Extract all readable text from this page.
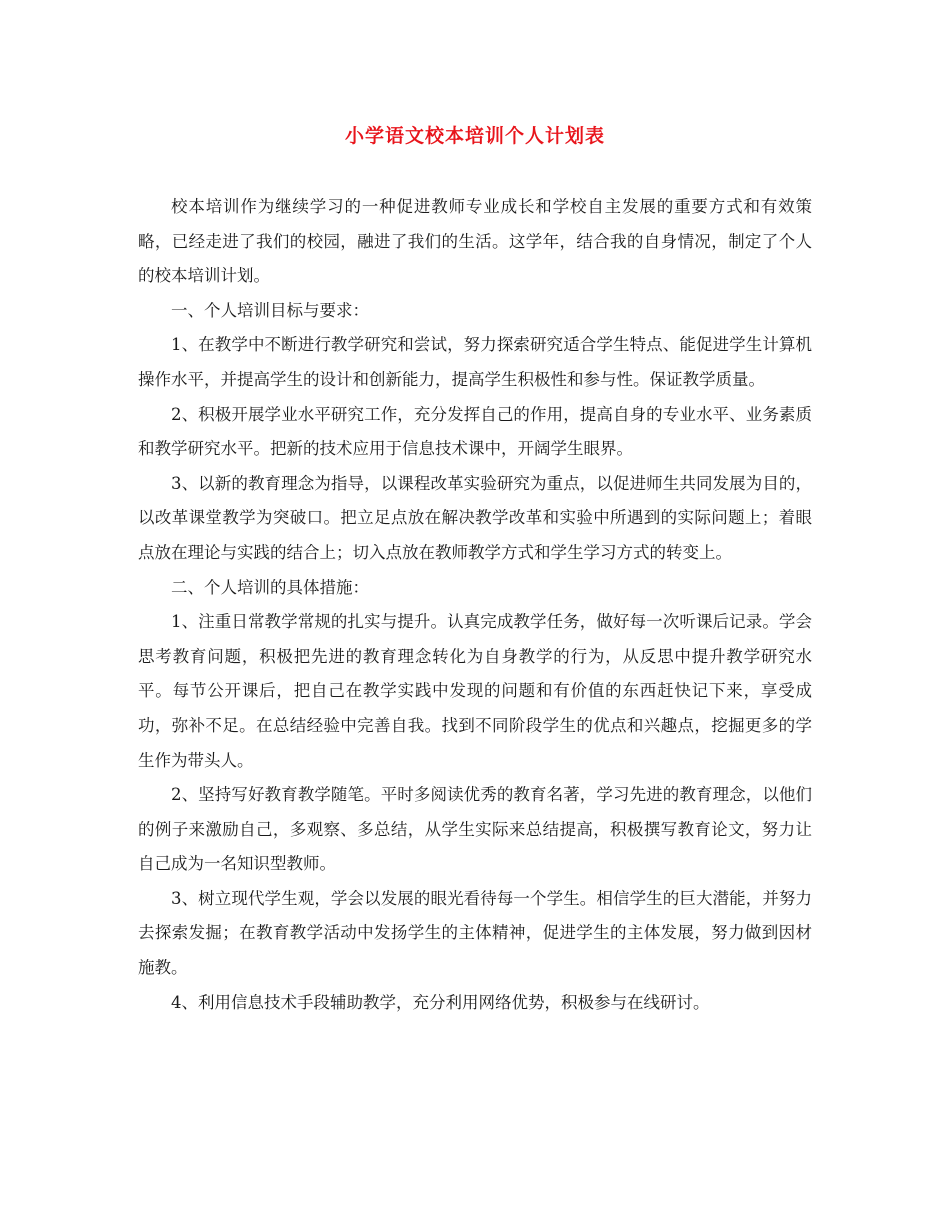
小学语文校本培训个人计划表

校本培训作为继续学习的一种促进教师专业成长和学校自主发展的重要方式和有效策略，已经走进了我们的校园，融进了我们的生活。这学年，结合我的自身情况，制定了个人的校本培训计划。

一、个人培训目标与要求：

1、在教学中不断进行教学研究和尝试，努力探索研究适合学生特点、能促进学生计算机操作水平，并提高学生的设计和创新能力，提高学生积极性和参与性。保证教学质量。

2、积极开展学业水平研究工作，充分发挥自己的作用，提高自身的专业水平、业务素质和教学研究水平。把新的技术应用于信息技术课中，开阔学生眼界。

3、以新的教育理念为指导，以课程改革实验研究为重点，以促进师生共同发展为目的，以改革课堂教学为突破口。把立足点放在解决教学改革和实验中所遇到的实际问题上；着眼点放在理论与实践的结合上；切入点放在教师教学方式和学生学习方式的转变上。

二、个人培训的具体措施：

1、注重日常教学常规的扎实与提升。认真完成教学任务，做好每一次听课后记录。学会思考教育问题，积极把先进的教育理念转化为自身教学的行为，从反思中提升教学研究水平。每节公开课后，把自己在教学实践中发现的问题和有价值的东西赶快记下来，享受成功，弥补不足。在总结经验中完善自我。找到不同阶段学生的优点和兴趣点，挖掘更多的学生作为带头人。

2、坚持写好教育教学随笔。平时多阅读优秀的教育名著，学习先进的教育理念，以他们的例子来激励自己，多观察、多总结，从学生实际来总结提高，积极撰写教育论文，努力让自己成为一名知识型教师。

3、树立现代学生观，学会以发展的眼光看待每一个学生。相信学生的巨大潜能，并努力去探索发掘；在教育教学活动中发扬学生的主体精神，促进学生的主体发展，努力做到因材施教。

4、利用信息技术手段辅助教学，充分利用网络优势，积极参与在线研讨。
